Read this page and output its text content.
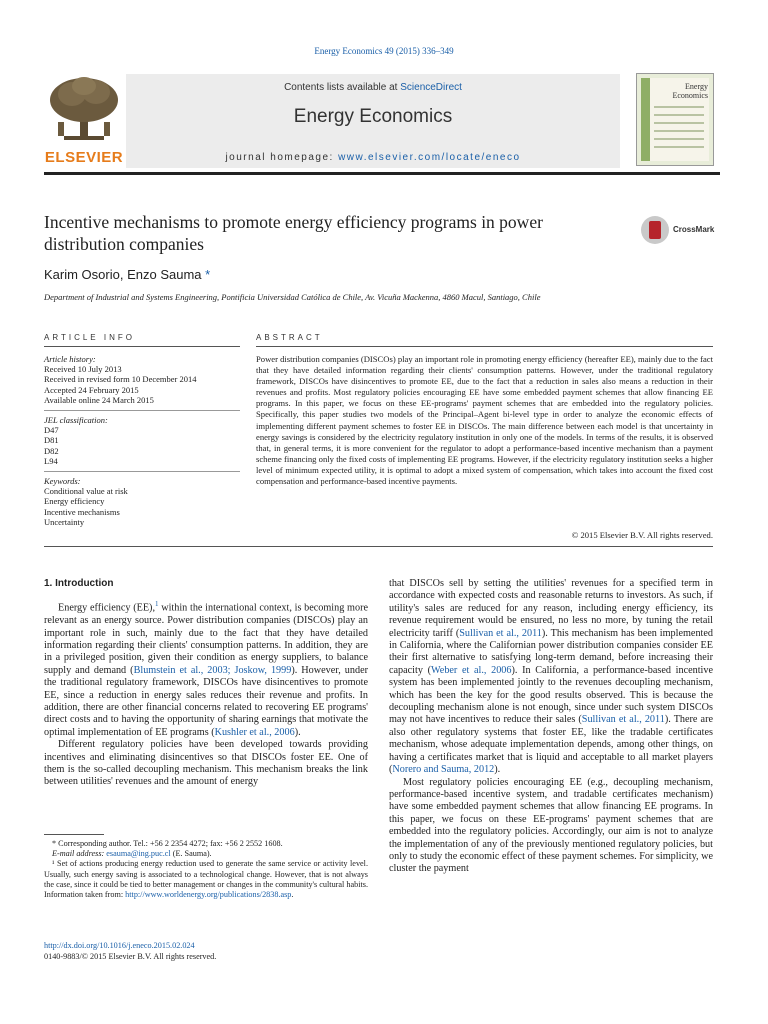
Energy Economics 49 (2015) 336–349
ELSEVIER
Contents lists available at ScienceDirect
Energy Economics
journal homepage: www.elsevier.com/locate/eneco
Energy Economics
Incentive mechanisms to promote energy efficiency programs in power distribution companies
CrossMark
Karim Osorio, Enzo Sauma *
Department of Industrial and Systems Engineering, Pontificia Universidad Católica de Chile, Av. Vicuña Mackenna, 4860 Macul, Santiago, Chile
ARTICLE INFO	ABSTRACT
Article history:
Received 10 July 2013
Received in revised form 10 December 2014
Accepted 24 February 2015
Available online 24 March 2015
JEL classification:
D47
D81
D82
L94
Keywords:
Conditional value at risk
Energy efficiency
Incentive mechanisms
Uncertainty
Power distribution companies (DISCOs) play an important role in promoting energy efficiency (hereafter EE), mainly due to the fact that they have detailed information regarding their clients' consumption patterns. However, under the traditional regulatory framework, DISCOs have disincentives to promote EE, due to the fact that a reduction in sales also means a reduction in their revenues and profits. Most regulatory policies encouraging EE have some embedded payment schemes that allow financing EE programs. In this paper, we focus on these EE-programs' payment schemes that are embedded into the regulatory policies. Specifically, this paper studies two models of the Principal–Agent bi-level type in order to analyze the economic effects of implementing different payment schemes to foster EE in DISCOs. The main difference between each model is that uncertainty in energy savings is considered by the electricity regulatory institution in only one of the models. In terms of the results, it is observed that, in general terms, it is more convenient for the regulator to adopt a performance-based incentive mechanism than a payment scheme financing only the fixed costs of implementing EE programs. However, if the electricity regulatory institution seeks a higher level of minimum expected utility, it is optimal to adopt a mixed system of compensation, which takes into account the fixed cost compensation and performance-based incentive payments.
© 2015 Elsevier B.V. All rights reserved.
1. Introduction

Energy efficiency (EE),$^1$ within the international context, is becoming more relevant as an energy source. Power distribution companies (DISCOs) play an important role in such, mainly due to the fact that they have detailed information regarding their clients' consumption patterns. In addition, they are in a privileged position, given their condition as energy suppliers, to balance supply and demand (Blumstein et al., 2003; Joskow, 1999). However, under the traditional regulatory framework, DISCOs have disincentives to promote EE, since a reduction in energy sales reduces their revenue and profits. In addition, there are other financial concerns related to recovering EE programs' direct costs and to having the opportunity of sharing earnings that motivate the optimal implementation of EE programs (Kushler et al., 2006).

Different regulatory policies have been developed towards providing incentives and eliminating disincentives so that DISCOs foster EE. One of them is the so-called decoupling mechanism. This mechanism breaks the link between utilities' revenues and the amount of energy

* Corresponding author. Tel.: +56 2 2354 4272; fax: +56 2 2552 1608.
E-mail address: esauma@ing.puc.cl (E. Sauma).
¹ Set of actions producing energy reduction used to generate the same service or activity level. Usually, such energy saving is associated to a technological change. However, that is not always the case, since it could be tied to better management or changes in the community's cultural habits. Information taken from: http://www.worldenergy.org/publications/2838.asp.
http://dx.doi.org/10.1016/j.eneco.2015.02.024
0140-9883/© 2015 Elsevier B.V. All rights reserved.

that DISCOs sell by setting the utilities' revenues for a specified term in accordance with expected costs and reasonable returns to investors. As such, if utility's sales are reduced for any reason, including energy efficiency, its revenue requirement would be ensured, no less no more, by tuning the retail electricity tariff (Sullivan et al., 2011). This mechanism has been implemented in California, where the Californian power distribution companies consider EE their first alternative to satisfying long-term demand, before increasing their capacity (Weber et al., 2006). In California, a performance-based incentive system has been implemented jointly to the revenues decoupling mechanism, which has been the key for the good results observed. This is because the decoupling mechanism alone is not enough, since under such system DISCOs may not have incentives to reduce their sales (Sullivan et al., 2011). There are also other regulatory systems that foster EE, like the tradable certificates mechanism, whose adequate implementation depends, among other things, on having a certificates market that is liquid and acceptable to all market players (Norero and Sauma, 2012).

Most regulatory policies encouraging EE (e.g., decoupling mechanism, performance-based incentive system, and tradable certificates mechanism) have some embedded payment schemes that allow financing EE programs. In this paper, we focus on these EE-programs' payment schemes that are embedded into the regulatory policies. Accordingly, our aim is not to analyze the implementation of any of the previously mentioned regulatory policies, but only to study the economic effect of these payment schemes. For simplicity, we cluster the payment
